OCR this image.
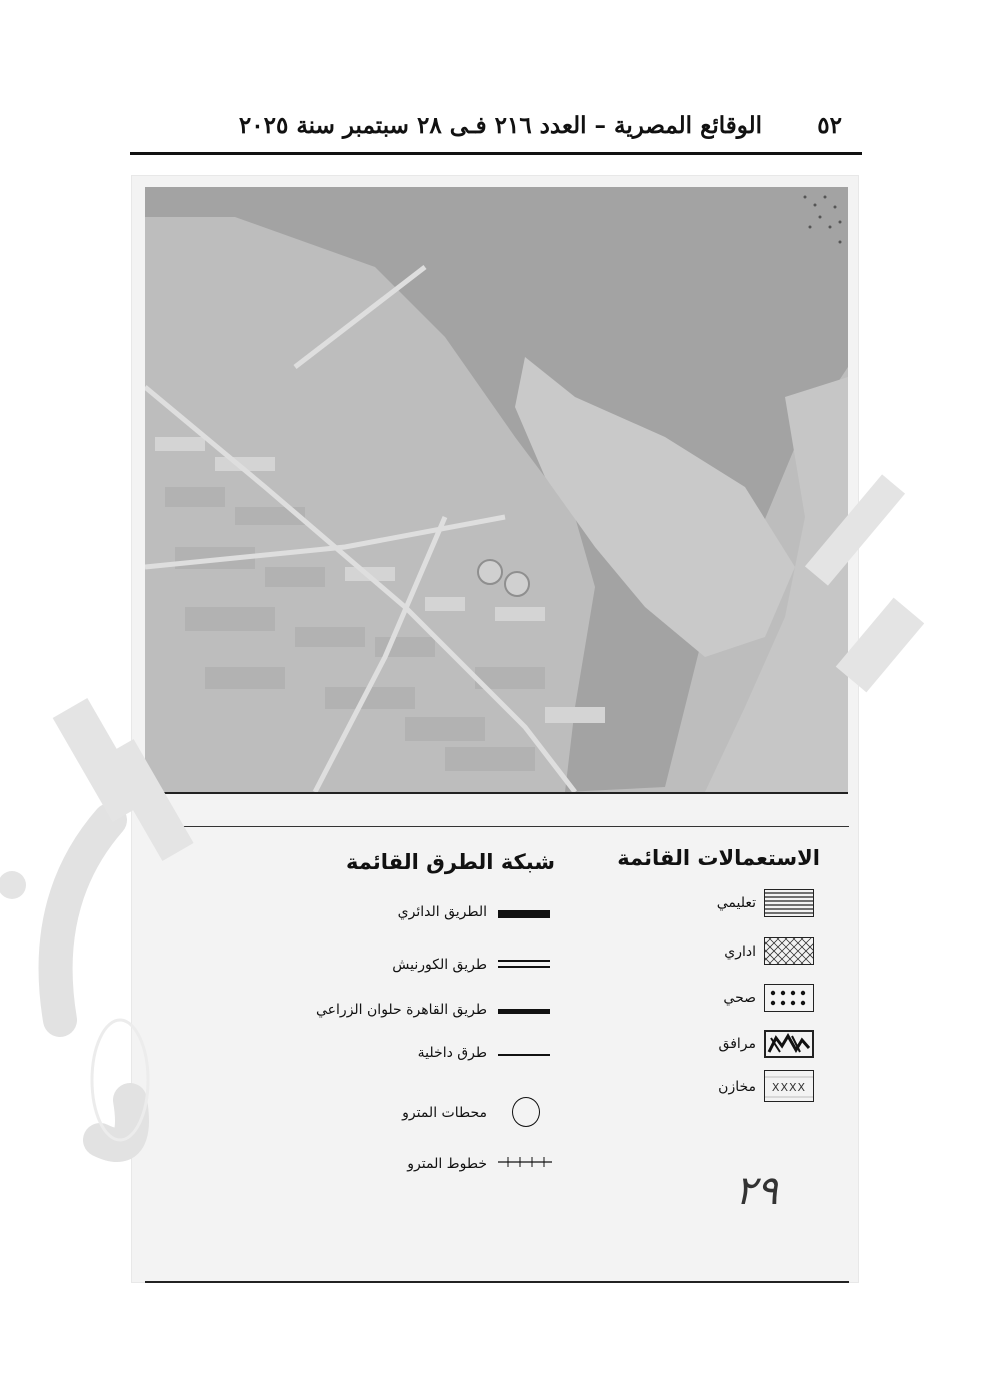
٥٢
الوقائع المصرية – العدد ٢١٦ فـى ٢٨ سبتمبر سنة ٢٠٢٥
الاستعمالات القائمة
تعليمي
اداري
صحي
مرافق
XXXX
مخازن
شبكة الطرق القائمة
الطريق الدائري
طريق الكورنيش
طريق القاهرة حلوان الزراعي
طرق داخلية
محطات المترو
خطوط المترو
٢٩
